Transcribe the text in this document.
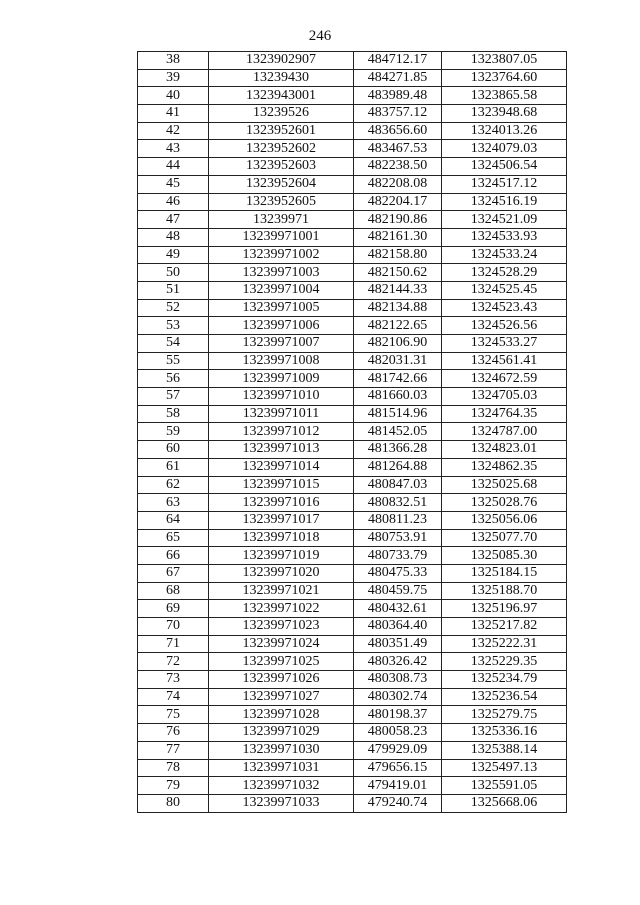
246
38	1323902907	484712.17	1323807.05
39	13239430	484271.85	1323764.60
40	1323943001	483989.48	1323865.58
41	13239526	483757.12	1323948.68
42	1323952601	483656.60	1324013.26
43	1323952602	483467.53	1324079.03
44	1323952603	482238.50	1324506.54
45	1323952604	482208.08	1324517.12
46	1323952605	482204.17	1324516.19
47	13239971	482190.86	1324521.09
48	13239971001	482161.30	1324533.93
49	13239971002	482158.80	1324533.24
50	13239971003	482150.62	1324528.29
51	13239971004	482144.33	1324525.45
52	13239971005	482134.88	1324523.43
53	13239971006	482122.65	1324526.56
54	13239971007	482106.90	1324533.27
55	13239971008	482031.31	1324561.41
56	13239971009	481742.66	1324672.59
57	13239971010	481660.03	1324705.03
58	13239971011	481514.96	1324764.35
59	13239971012	481452.05	1324787.00
60	13239971013	481366.28	1324823.01
61	13239971014	481264.88	1324862.35
62	13239971015	480847.03	1325025.68
63	13239971016	480832.51	1325028.76
64	13239971017	480811.23	1325056.06
65	13239971018	480753.91	1325077.70
66	13239971019	480733.79	1325085.30
67	13239971020	480475.33	1325184.15
68	13239971021	480459.75	1325188.70
69	13239971022	480432.61	1325196.97
70	13239971023	480364.40	1325217.82
71	13239971024	480351.49	1325222.31
72	13239971025	480326.42	1325229.35
73	13239971026	480308.73	1325234.79
74	13239971027	480302.74	1325236.54
75	13239971028	480198.37	1325279.75
76	13239971029	480058.23	1325336.16
77	13239971030	479929.09	1325388.14
78	13239971031	479656.15	1325497.13
79	13239971032	479419.01	1325591.05
80	13239971033	479240.74	1325668.06
